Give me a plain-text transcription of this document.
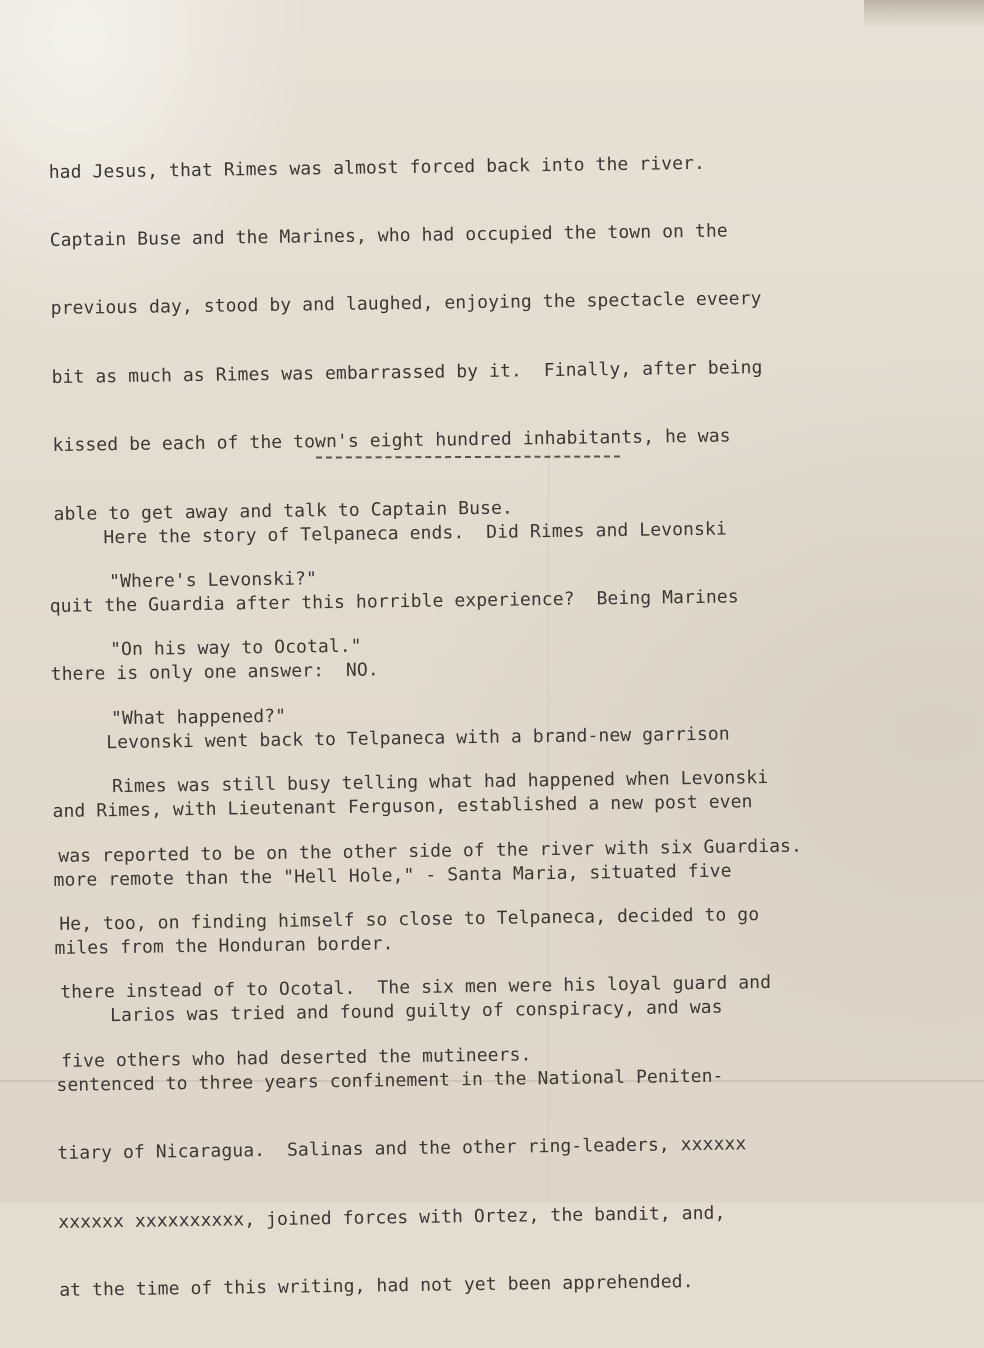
had Jesus, that Rimes was almost forced back into the river.

Captain Buse and the Marines, who had occupied the town on the

previous day, stood by and laughed, enjoying the spectacle eveery

bit as much as Rimes was embarrassed by it.  Finally, after being

kissed be each of the town's eight hundred inhabitants, he was

able to get away and talk to Captain Buse.

"Where's Levonski?"

"On his way to Ocotal."

"What happened?"

Rimes was still busy telling what had happened when Levonski

was reported to be on the other side of the river with six Guardias.

He, too, on finding himself so close to Telpaneca, decided to go

there instead of to Ocotal.  The six men were his loyal guard and

five others who had deserted the mutineers.

Here the story of Telpaneca ends.  Did Rimes and Levonski

quit the Guardia after this horrible experience?  Being Marines

there is only one answer:  NO.

Levonski went back to Telpaneca with a brand-new garrison

and Rimes, with Lieutenant Ferguson, established a new post even

more remote than the "Hell Hole," - Santa Maria, situated five

miles from the Honduran border.

Larios was tried and found guilty of conspiracy, and was

sentenced to three years confinement in the National Peniten-

tiary of Nicaragua.  Salinas and the other ring-leaders, xxxxxx

xxxxxx xxxxxxxxxx, joined forces with Ortez, the bandit, and,

at the time of this writing, had not yet been apprehended.
